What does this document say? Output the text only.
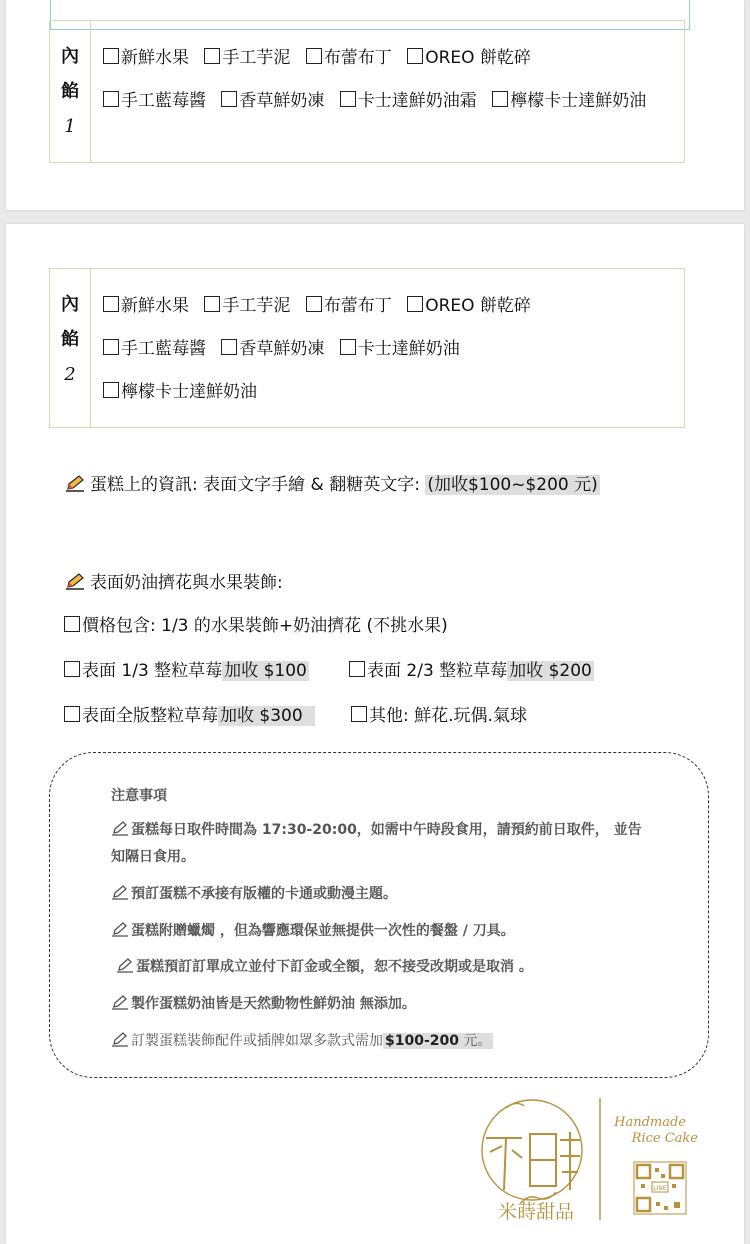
內
餡
1
新鮮水果 手工芋泥 布蕾布丁 OREO 餅乾碎
手工藍莓醬 香草鮮奶凍 卡士達鮮奶油霜 檸檬卡士達鮮奶油
內
餡
2
新鮮水果 手工芋泥 布蕾布丁 OREO 餅乾碎
手工藍莓醬 香草鮮奶凍 卡士達鮮奶油
檸檬卡士達鮮奶油
蛋糕上的資訊: 表面文字手繪 & 翻糖英文字: (加收$100~$200 元)
表面奶油擠花與水果裝飾:
價格包含: 1/3 的水果裝飾+奶油擠花 (不挑水果)
表面 1/3 整粒草莓 加收 $100	表面 2/3 整粒草莓 加收 $200
表面全版整粒草莓 加收 $300	其他: 鮮花.玩偶.氣球
注意事項
蛋糕每日取件時間為 17:30-20:00，如需中午時段食用，請預約前日取件， 並告知隔日食用。
預訂蛋糕不承接有版權的卡通或動漫主題。
蛋糕附贈蠟燭 ，但為響應環保並無提供一次性的餐盤 / 刀具。
蛋糕預訂訂單成立並付下訂金或全額，恕不接受改期或是取消 。
製作蛋糕奶油皆是天然動物性鮮奶油 無添加。
訂製蛋糕裝飾配件或插牌如眾多款式需加 $100-200 元。
米蒔甜品
Handmade
Rice Cake
LINE
